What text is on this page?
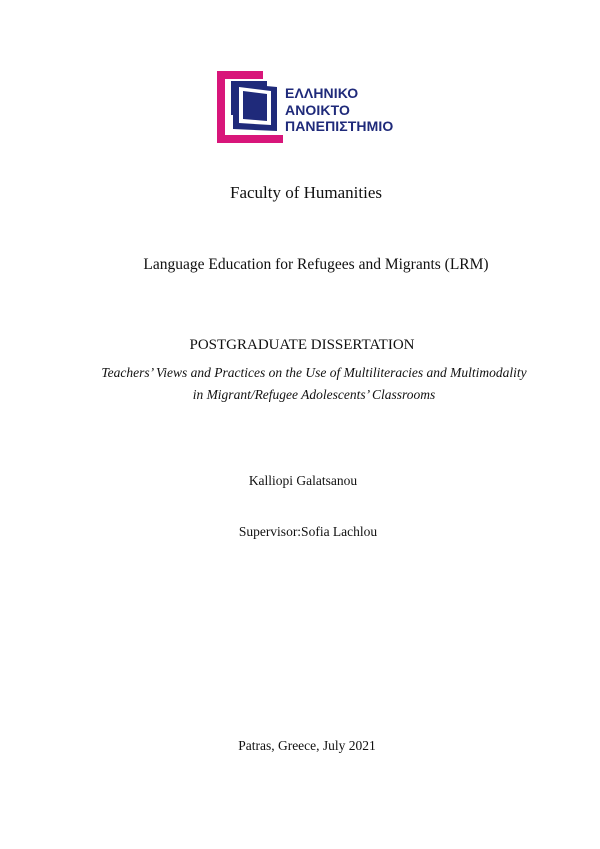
ΕΛΛΗΝΙΚΟ
ΑΝΟΙΚΤΟ
ΠΑΝΕΠΙΣΤΗΜΙΟ
Faculty of Humanities
Language Education for Refugees and Migrants (LRM)
POSTGRADUATE DISSERTATION
Teachers’ Views and Practices on the Use of Multiliteracies and Multimodality
in Migrant/Refugee Adolescents’ Classrooms
Kalliopi Galatsanou
Supervisor:Sofia Lachlou
Patras, Greece, July 2021
